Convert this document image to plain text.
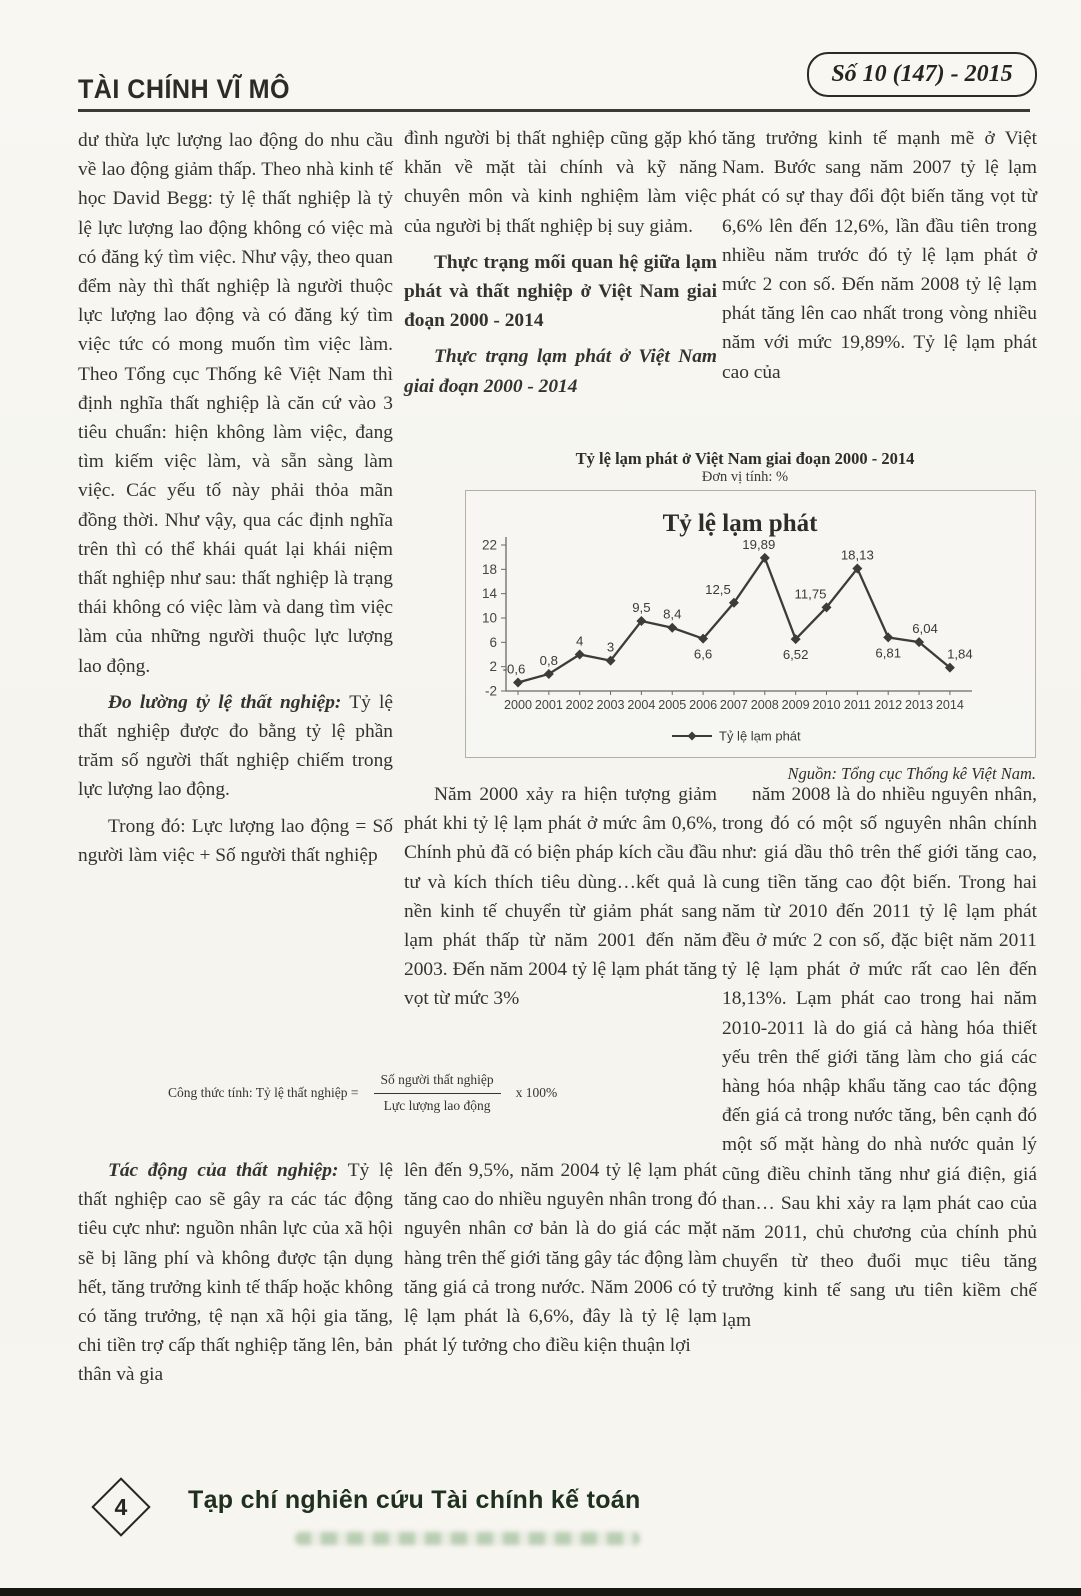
TÀI CHÍNH VĨ MÔ	Số 10 (147) - 2015

dư thừa lực lượng lao động do nhu cầu về lao động giảm thấp. Theo nhà kinh tế học David Begg: tỷ lệ thất nghiệp là tỷ lệ lực lượng lao động không có việc mà có đăng ký tìm việc. Như vậy, theo quan đểm này thì thất nghiệp là người thuộc lực lượng lao động và có đăng ký tìm việc tức có mong muốn tìm việc làm. Theo Tổng cục Thống kê Việt Nam thì định nghĩa thất nghiệp là căn cứ vào 3 tiêu chuẩn: hiện không làm việc, đang tìm kiếm việc làm, và sẵn sàng làm việc. Các yếu tố này phải thỏa mãn đồng thời. Như vậy, qua các định nghĩa trên thì có thể khái quát lại khái niệm thất nghiệp như sau: thất nghiệp là trạng thái không có việc làm và dang tìm việc làm của những người thuộc lực lượng lao động.

Đo lường tỷ lệ thất nghiệp: Tỷ lệ thất nghiệp được đo bằng tỷ lệ phần trăm số người thất nghiệp chiếm trong lực lượng lao động.

Trong đó: Lực lượng lao động = Số người làm việc + Số người thất nghiệp

đình người bị thất nghiệp cũng gặp khó khăn về mặt tài chính và kỹ năng chuyên môn và kinh nghiệm làm việc của người bị thất nghiệp bị suy giảm.

Thực trạng mối quan hệ giữa lạm phát và thất nghiệp ở Việt Nam giai đoạn 2000 - 2014

Thực trạng lạm phát ở Việt Nam giai đoạn 2000 - 2014

tăng trưởng kinh tế mạnh mẽ ở Việt Nam. Bước sang năm 2007 tỷ lệ lạm phát có sự thay đổi đột biến tăng vọt từ 6,6% lên đến 12,6%, lần đầu tiên trong nhiều năm trước đó tỷ lệ lạm phát ở mức 2 con số. Đến năm 2008 tỷ lệ lạm phát tăng lên cao nhất trong vòng nhiều năm với mức 19,89%. Tỷ lệ lạm phát cao của

Tỷ lệ lạm phát ở Việt Nam giai đoạn 2000 - 2014
Đơn vị tính: %
Tỷ lệ lạm phát
22
18
14
10
6
2
-2
2000 2001 2002 2003 2004 2005 2006 2007 2008 2009 2010 2011 2012 2013 2014
-0,6
0,8
4 3
9,5 8,4
6,6
12,5
19,89
6,52
11,75
18,13
6,81
6,04
1,84
Tỷ lệ lạm phát
Nguồn: Tổng cục Thống kê Việt Nam.

Năm 2000 xảy ra hiện tượng giảm phát khi tỷ lệ lạm phát ở mức âm 0,6%, Chính phủ đã có biện pháp kích cầu đầu tư và kích thích tiêu dùng…kết quả là nền kinh tế chuyển từ giảm phát sang lạm phát thấp từ năm 2001 đến năm 2003. Đến năm 2004 tỷ lệ lạm phát tăng vọt từ mức 3%

năm 2008 là do nhiều nguyên nhân, trong đó có một số nguyên nhân chính như: giá dầu thô trên thế giới tăng cao, cung tiền tăng cao đột biến. Trong hai năm từ 2010 đến 2011 tỷ lệ lạm phát đều ở mức 2 con số, đặc biệt năm 2011 tỷ lệ lạm phát ở mức rất cao lên đến 18,13%. Lạm phát cao trong hai năm 2010-2011 là do giá cả hàng hóa thiết yếu trên thế giới tăng làm cho giá các hàng hóa nhập khẩu tăng cao tác động đến giá cả trong nước tăng, bên cạnh đó một số mặt hàng do nhà nước quản lý cũng điều chỉnh tăng như giá điện, giá than… Sau khi xảy ra lạm phát cao của năm 2011, chủ chương của chính phủ chuyển từ theo đuổi mục tiêu tăng trưởng kinh tế sang ưu tiên kiềm chế lạm

Công thức tính: Tỷ lệ thất nghiệp = $\frac{\text{Số người thất nghiệp}}{\text{Lực lượng lao động}}$ x 100%

Tác động của thất nghiệp: Tỷ lệ thất nghiệp cao sẽ gây ra các tác động tiêu cực như: nguồn nhân lực của xã hội sẽ bị lãng phí và không được tận dụng hết, tăng trưởng kinh tế thấp hoặc không có tăng trưởng, tệ nạn xã hội gia tăng, chi tiền trợ cấp thất nghiệp tăng lên, bản thân và gia

lên đến 9,5%, năm 2004 tỷ lệ lạm phát tăng cao do nhiều nguyên nhân trong đó nguyên nhân cơ bản là do giá các mặt hàng trên thế giới tăng gây tác động làm tăng giá cả trong nước. Năm 2006 có tỷ lệ lạm phát là 6,6%, đây là tỷ lệ lạm phát lý tưởng cho điều kiện thuận lợi

4 Tạp chí nghiên cứu Tài chính kế toán
